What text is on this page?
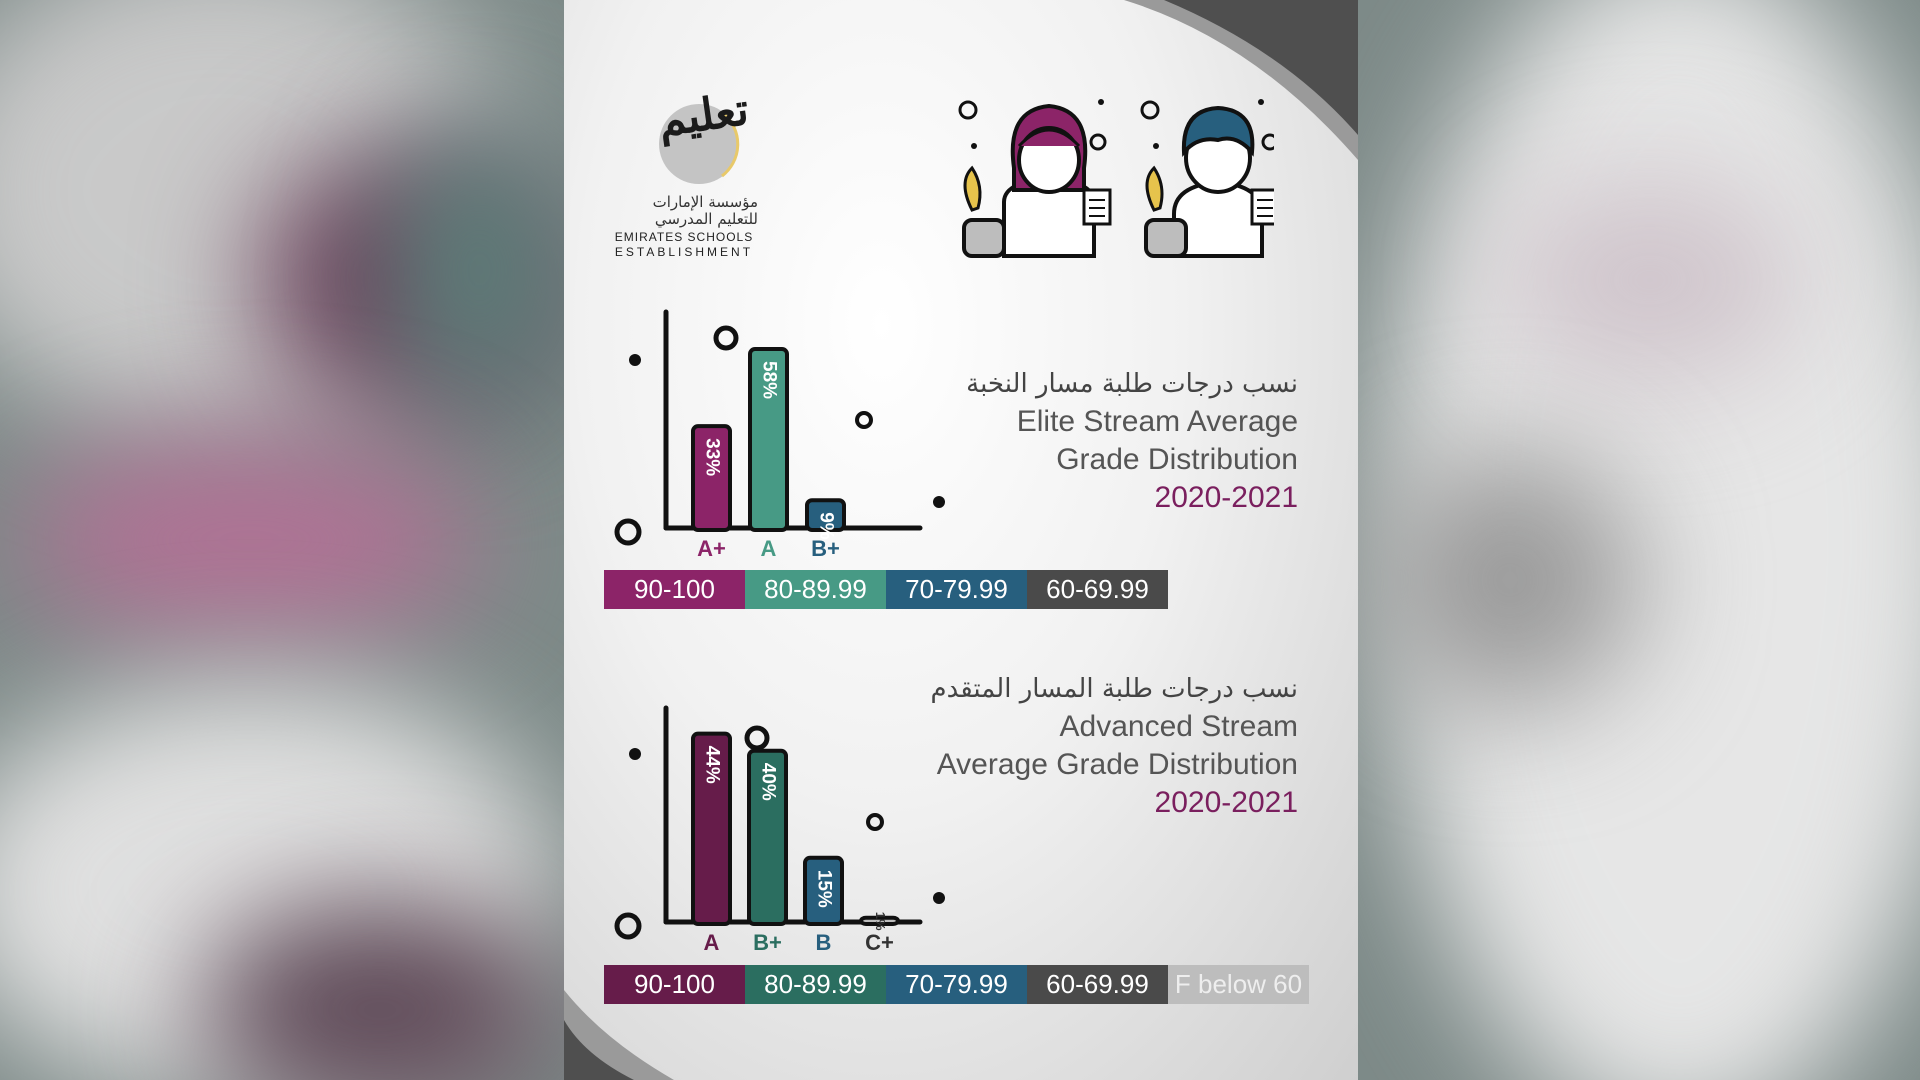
تعليم
مؤسسة الإمارات
للتعليم المدرسي
EMIRATES SCHOOLS
ESTABLISHMENT
نسب درجات طلبة مسار النخبة
Elite Stream Average
Grade Distribution
2020-2021
33%
A+
58%
A
9%
B+
90-100	80-89.99	70-79.99	60-69.99
نسب درجات طلبة المسار المتقدم
Advanced Stream
Average Grade Distribution
2020-2021
44%
A
40%
B+
15%
B
1%
C+
90-100	80-89.99	70-79.99	60-69.99	F below 60
